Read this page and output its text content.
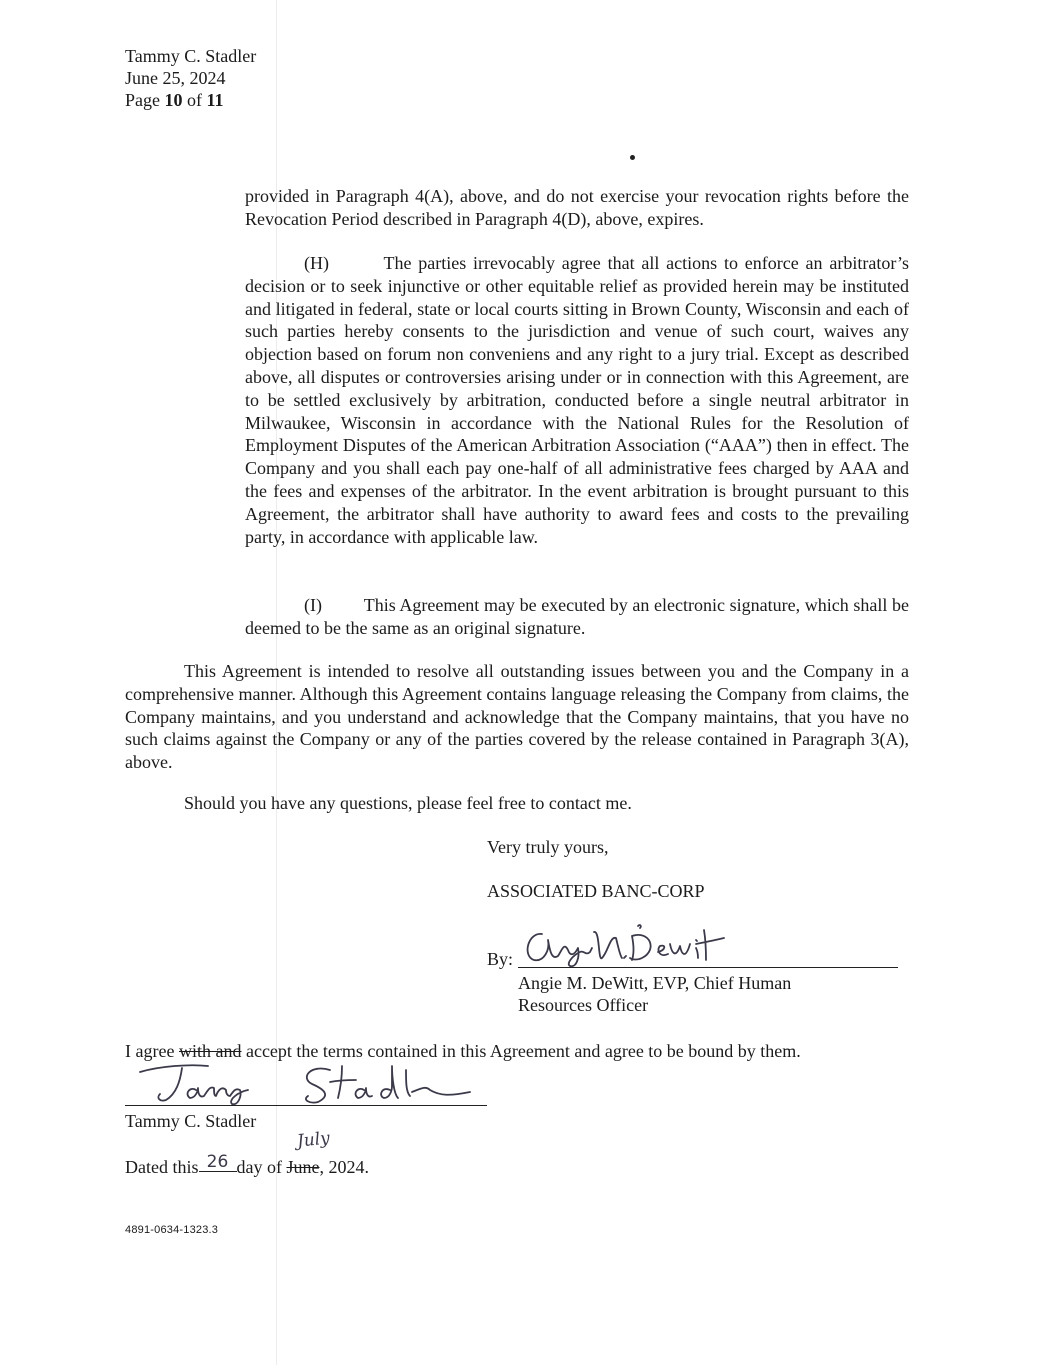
Tammy C. Stadler
June 25, 2024
Page 10 of 11

provided in Paragraph 4(A), above, and do not exercise your revocation rights before the Revocation Period described in Paragraph 4(D), above, expires.

(H)        The parties irrevocably agree that all actions to enforce an arbitrator’s decision or to seek injunctive or other equitable relief as provided herein may be instituted and litigated in federal, state or local courts sitting in Brown County, Wisconsin and each of such parties hereby consents to the jurisdiction and venue of such court, waives any objection based on forum non conveniens and any right to a jury trial. Except as described above, all disputes or controversies arising under or in connection with this Agreement, are to be settled exclusively by arbitration, conducted before a single neutral arbitrator in Milwaukee, Wisconsin in accordance with the National Rules for the Resolution of Employment Disputes of the American Arbitration Association (“AAA”) then in effect. The Company and you shall each pay one-half of all administrative fees charged by AAA and the fees and expenses of the arbitrator. In the event arbitration is brought pursuant to this Agreement, the arbitrator shall have authority to award fees and costs to the prevailing party, in accordance with applicable law.

(I)         This Agreement may be executed by an electronic signature, which shall be deemed to be the same as an original signature.

This Agreement is intended to resolve all outstanding issues between you and the Company in a comprehensive manner. Although this Agreement contains language releasing the Company from claims, the Company maintains, and you understand and acknowledge that the Company maintains, that you have no such claims against the Company or any of the parties covered by the release contained in Paragraph 3(A), above.

Should you have any questions, please feel free to contact me.

Very truly yours,
ASSOCIATED BANC-CORP
By:
Angie M. DeWitt, EVP, Chief Human
Resources Officer
I agree with and accept the terms contained in this Agreement and agree to be bound by them.
Tammy C. Stadler
Dated this 26 day of June, 2024.
July
4891-0634-1323.3
